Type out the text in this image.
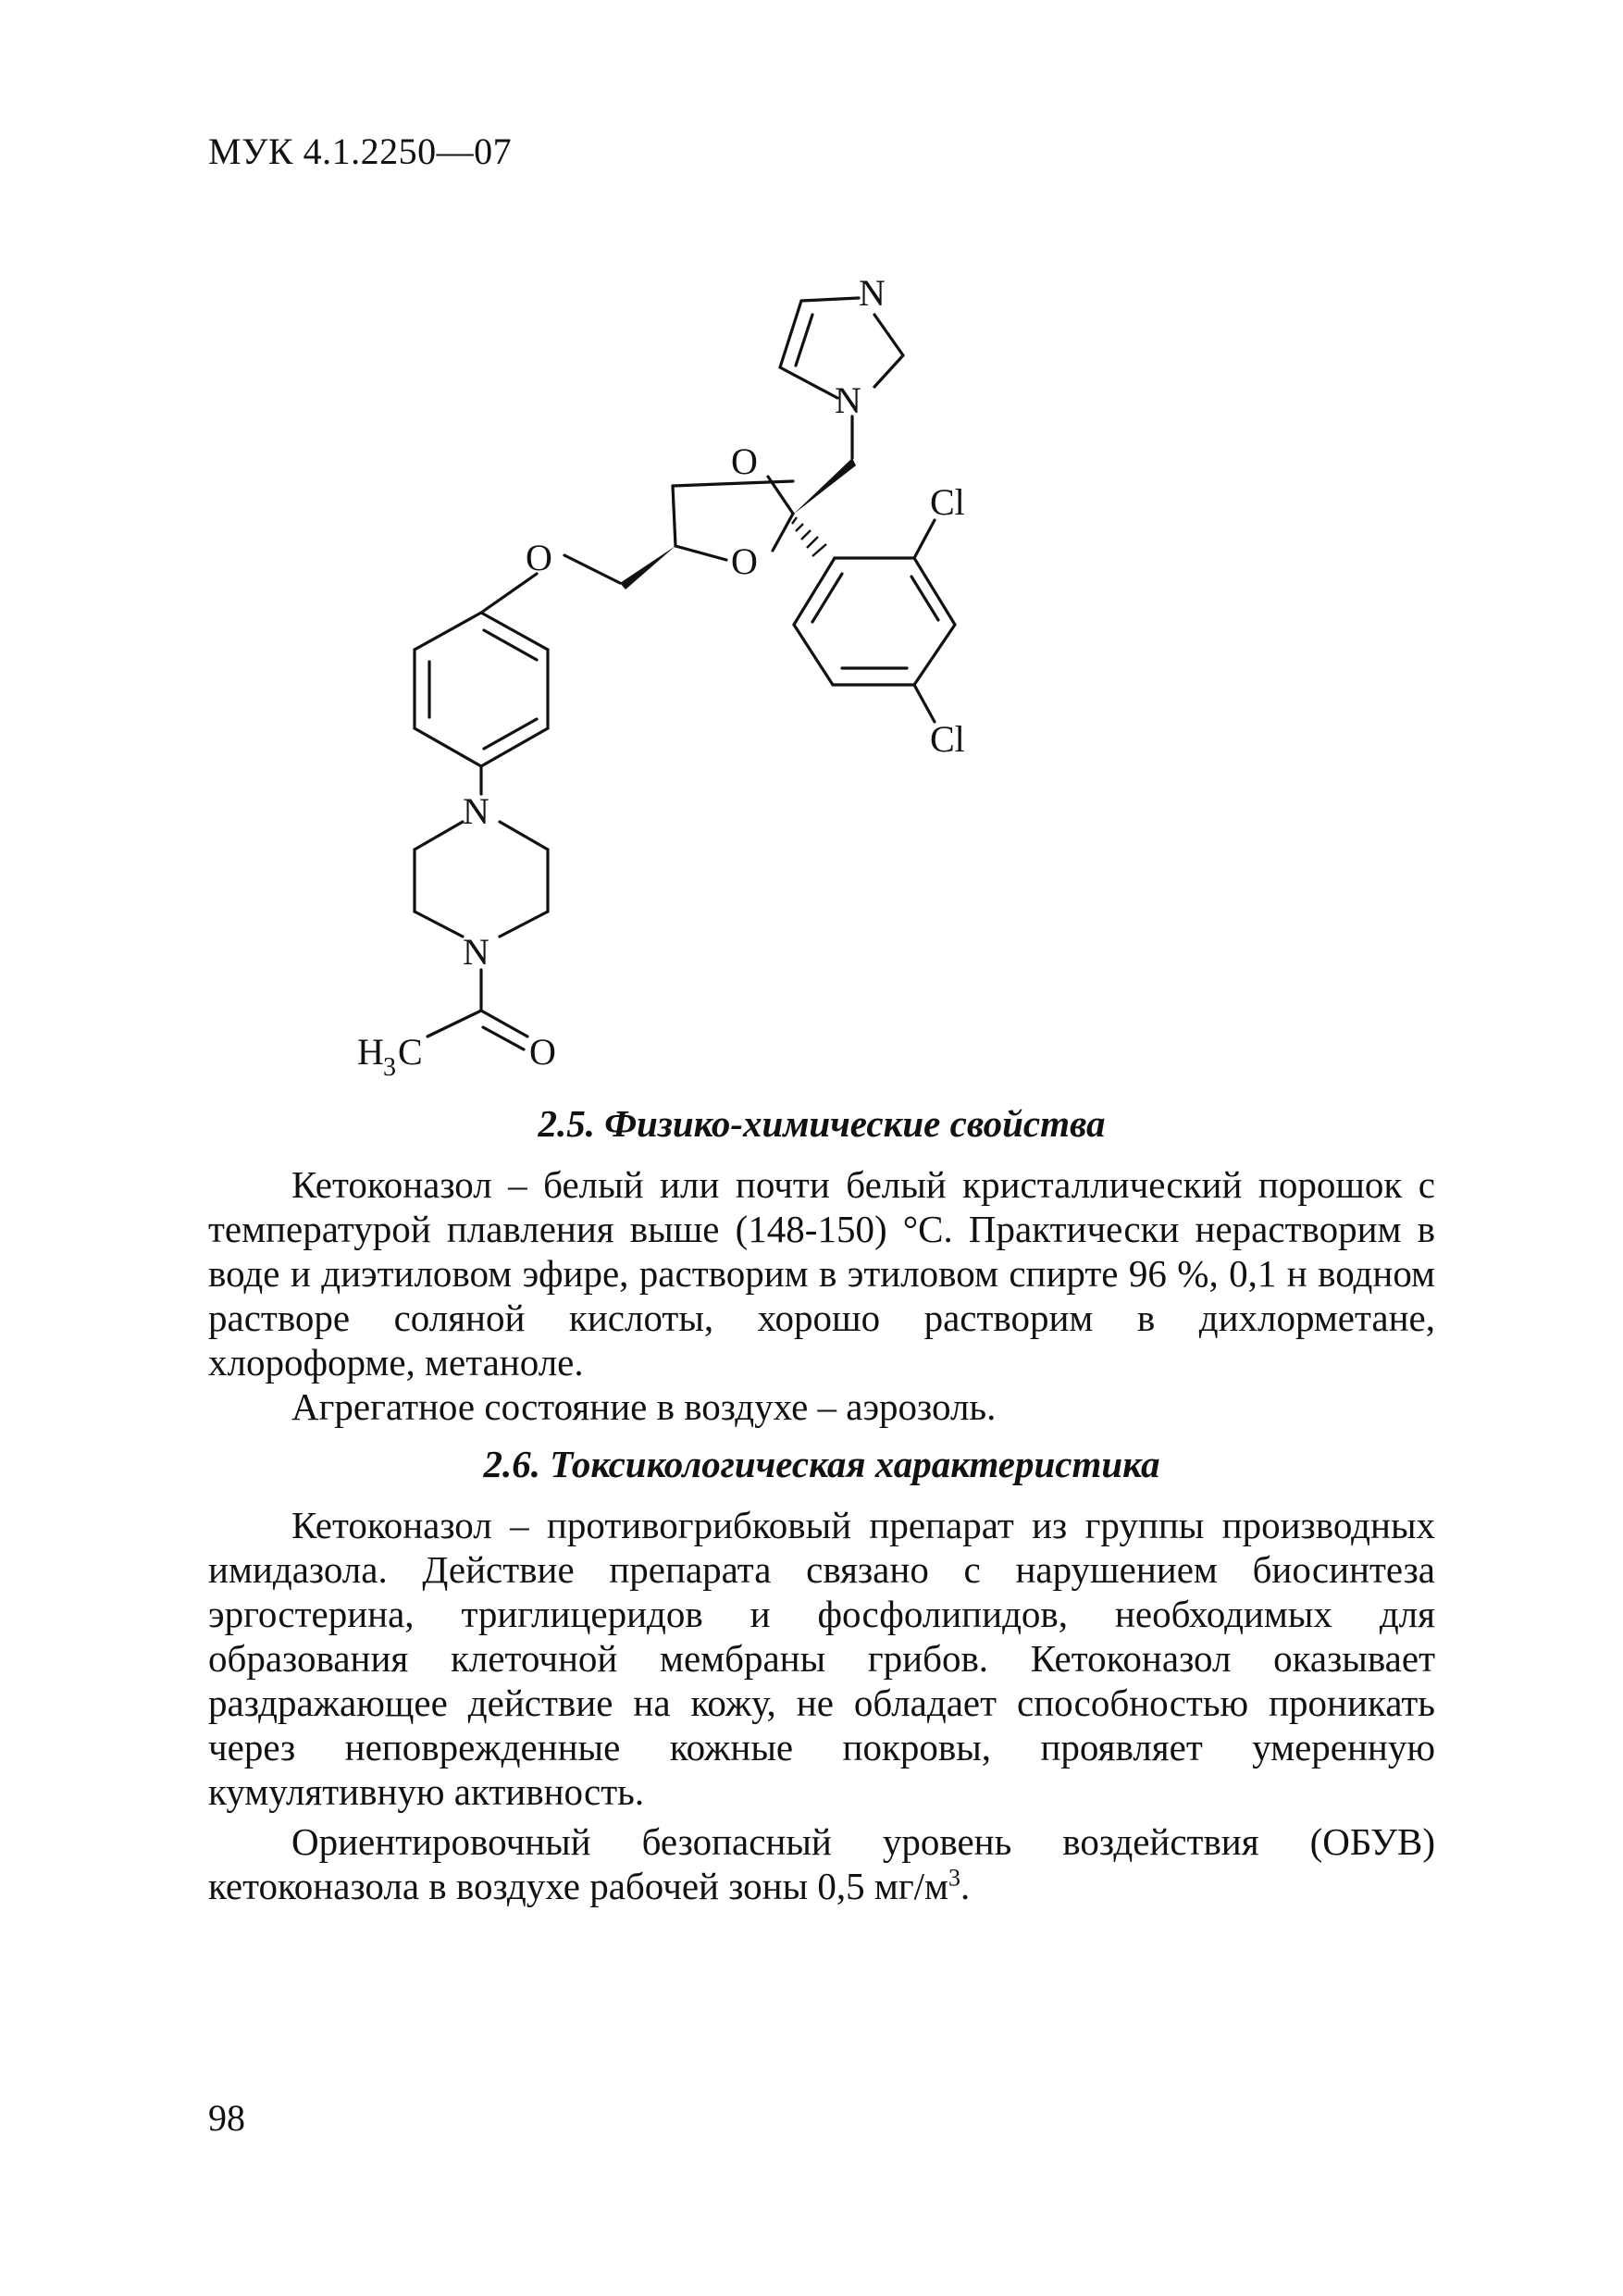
МУК 4.1.2250—07
N
N
O
O
O
Cl
Cl
N
N
H 3 C	O
2.5. Физико-химические свойства

Кетоконазол – белый или почти белый кристаллический порошок с температурой плавления выше (148-150) °С. Практически нерастворим в воде и диэтиловом эфире, растворим в этиловом спирте 96 %, 0,1 н водном растворе соляной кислоты, хорошо растворим в дихлорметане, хлороформе, метаноле.

Агрегатное состояние в воздухе – аэрозоль.

2.6. Токсикологическая характеристика

Кетоконазол – противогрибковый препарат из группы производных имидазола. Действие препарата связано с нарушением биосинтеза эргостерина, триглицеридов и фосфолипидов, необходимых для образования клеточной мембраны грибов. Кетоконазол оказывает раздражающее действие на кожу, не обладает способностью проникать через неповрежденные кожные покровы, проявляет умеренную кумулятивную активность.

Ориентировочный безопасный уровень воздействия (ОБУВ) кетоконазола в воздухе рабочей зоны 0,5 $мг/м^3$.

98
